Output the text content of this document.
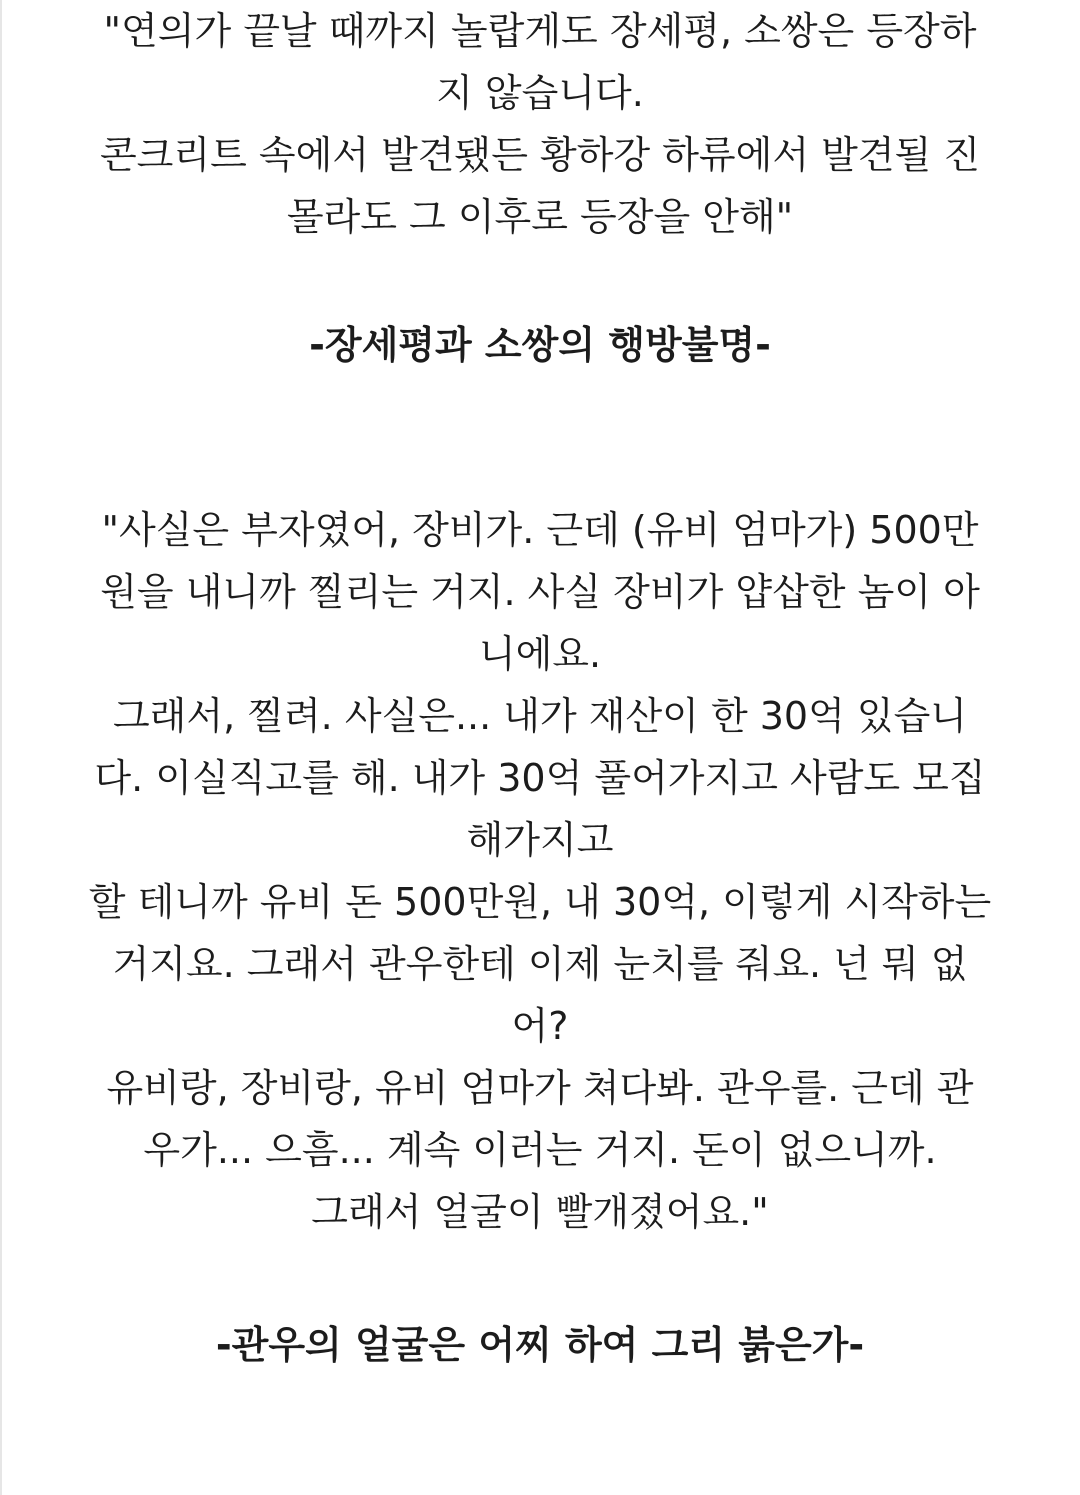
"연의가 끝날 때까지 놀랍게도 장세평, 소쌍은 등장하
지 않습니다.
콘크리트 속에서 발견됐든 황하강 하류에서 발견될 진
몰라도 그 이후로 등장을 안해"

-장세평과 소쌍의 행방불명-

"사실은 부자였어, 장비가. 근데 (유비 엄마가) 500만
원을 내니까 찔리는 거지. 사실 장비가 얍삽한 놈이 아
니에요.
그래서, 찔려. 사실은... 내가 재산이 한 30억 있습니
다. 이실직고를 해. 내가 30억 풀어가지고 사람도 모집
해가지고
할 테니까 유비 돈 500만원, 내 30억, 이렇게 시작하는
거지요. 그래서 관우한테 이제 눈치를 줘요. 넌 뭐 없
어?
유비랑, 장비랑, 유비 엄마가 쳐다봐. 관우를. 근데 관
우가... 으흠... 계속 이러는 거지. 돈이 없으니까.
그래서 얼굴이 빨개졌어요."

-관우의 얼굴은 어찌 하여 그리 붉은가-
